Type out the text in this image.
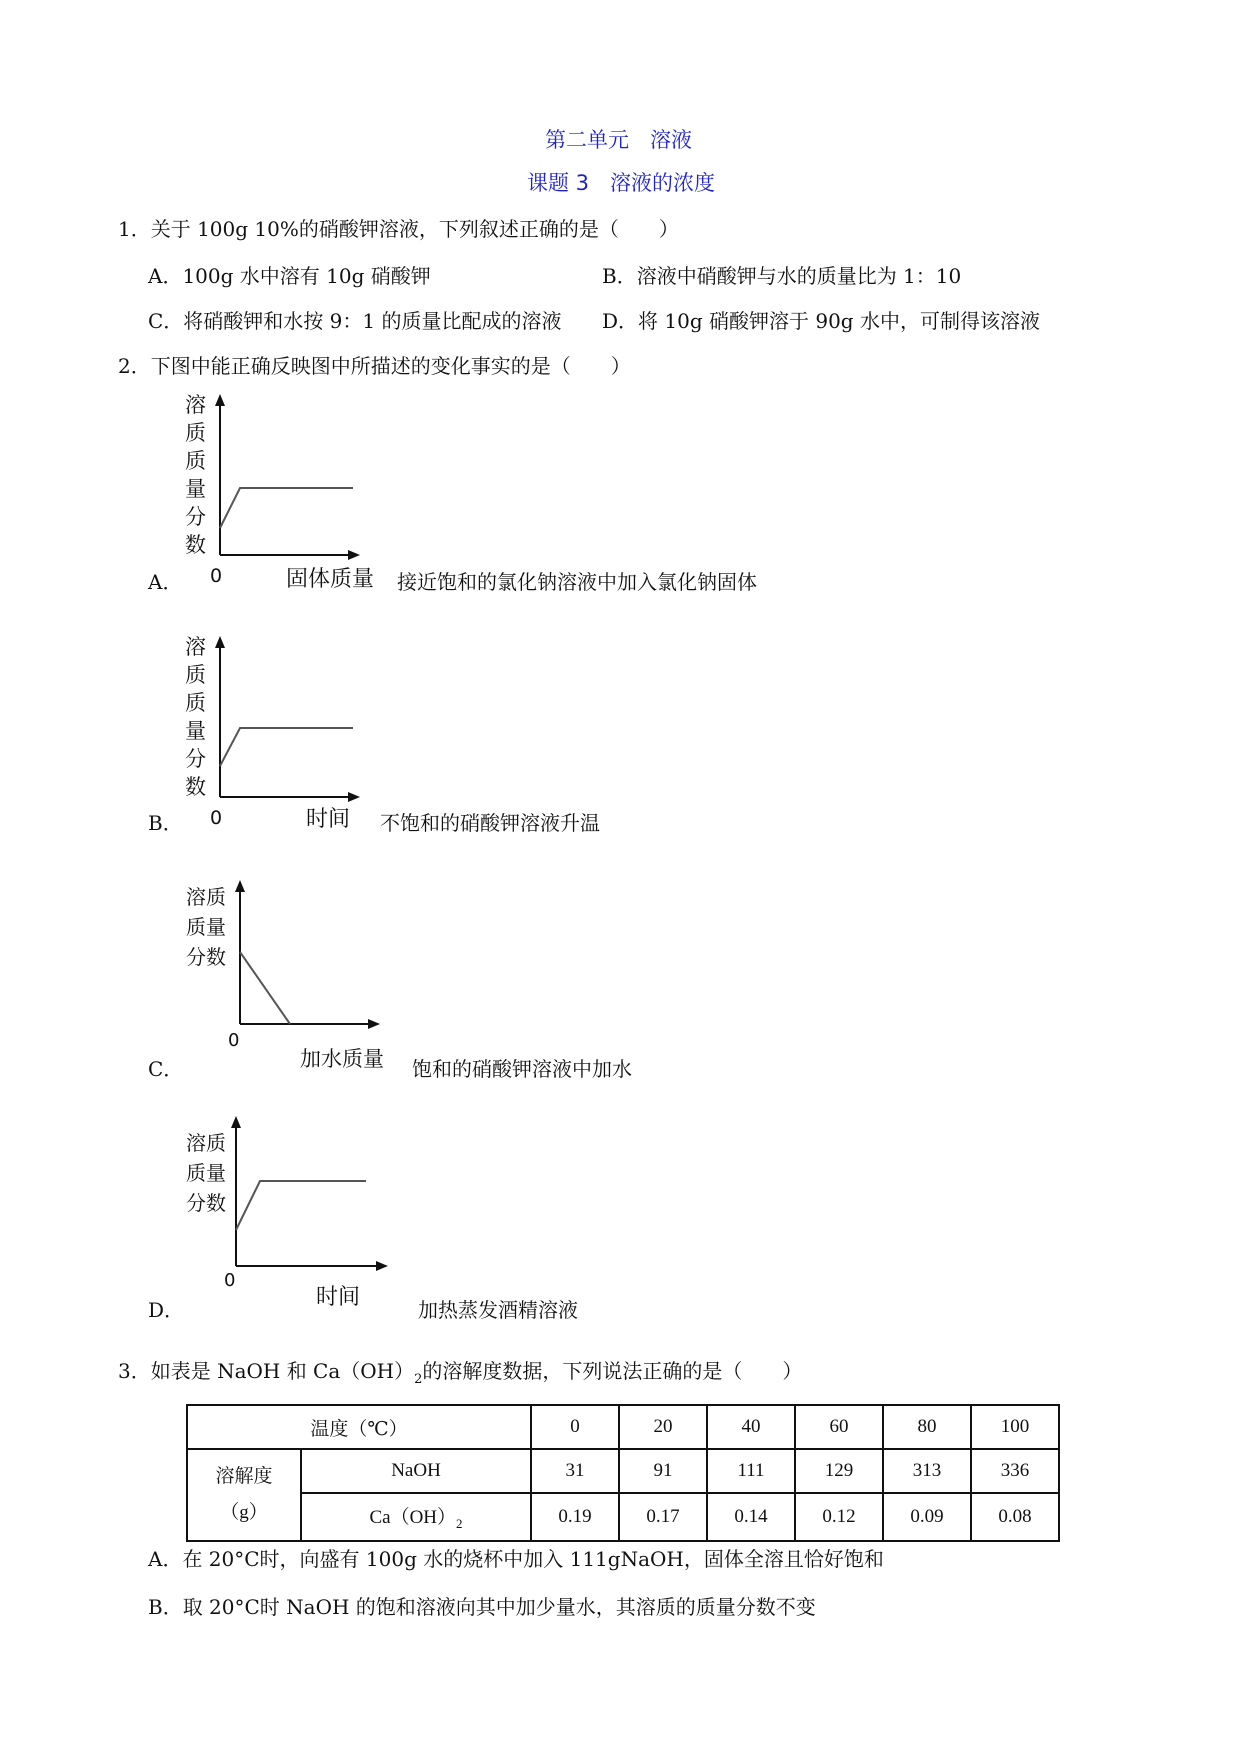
第二单元　溶液
课题 3　溶液的浓度
1．关于 100g 10%的硝酸钾溶液，下列叙述正确的是（　　）
A．100g 水中溶有 10g 硝酸钾	B．溶液中硝酸钾与水的质量比为 1：10
C．将硝酸钾和水按 9：1 的质量比配成的溶液 D．将 10g 硝酸钾溶于 90g 水中，可制得该溶液
2．下图中能正确反映图中所描述的变化事实的是（　　）
A．
溶
质
质
量
分
数
0	固体质量 接近饱和的氯化钠溶液中加入氯化钠固体
B．
溶
质
质
量
分
数
0	时间 不饱和的硝酸钾溶液升温
C．
溶质
质量
分数
0
加水质量 饱和的硝酸钾溶液中加水
D．
溶质
质量
分数
0
时间	加热蒸发酒精溶液
3．如表是 NaOH 和 $Ca(OH)_2$的溶解度数据，下列说法正确的是（　　）
温度（℃）		0	20	40	60	80	100

溶解度
（g）	NaOH	31	91	111	129	313	336
	$Ca(OH)_2$	0.19	0.17	0.14	0.12	0.09	0.08
A．在 20°C时，向盛有 100g 水的烧杯中加入 111gNaOH，固体全溶且恰好饱和
B．取 20°C时 NaOH 的饱和溶液向其中加少量水，其溶质的质量分数不变
